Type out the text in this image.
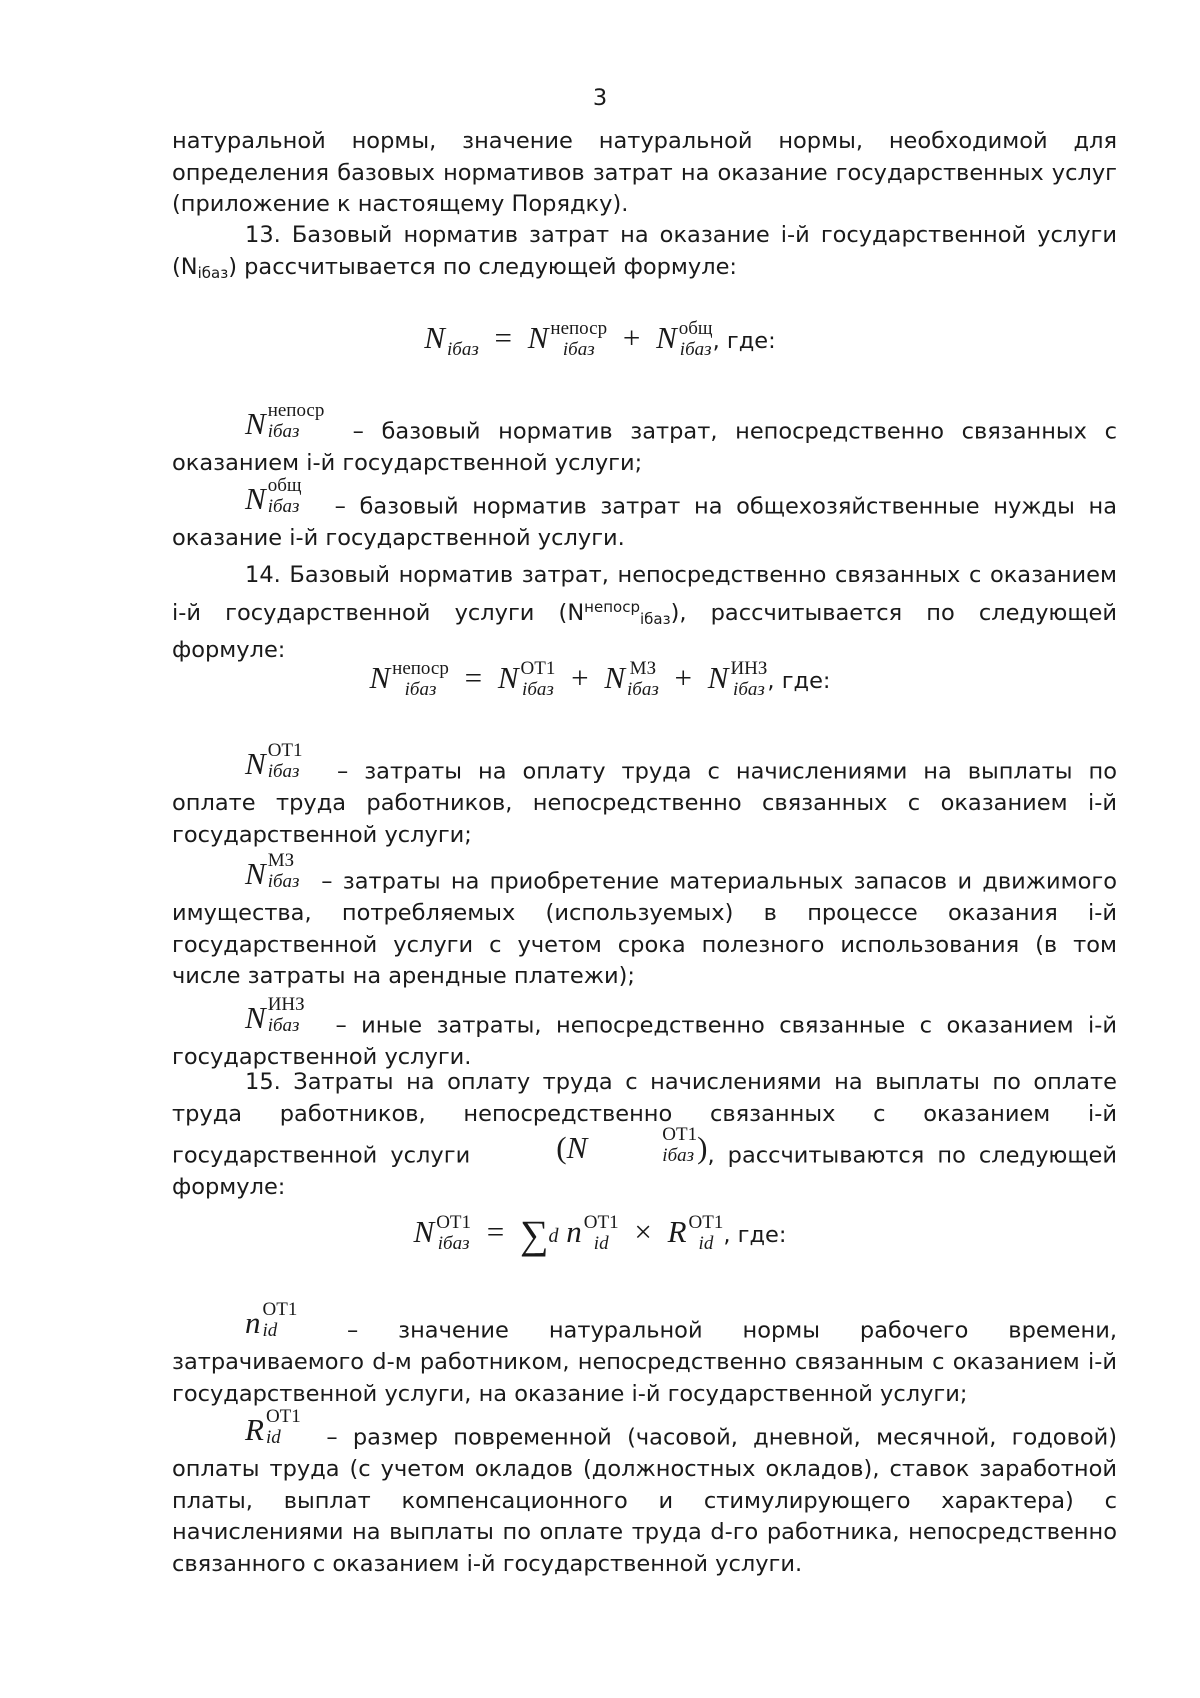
3

натуральной нормы, значение натуральной нормы, необходимой для определения базовых нормативов затрат на оказание государственных услуг (приложение к настоящему Порядку).

13. Базовый норматив затрат на оказание i-й государственной услуги (Niбаз) рассчитывается по следующей формуле:

N
iбаз = N непоср
iбаз + N общ
iбаз , где:

N непоср
iбаз	– базовый норматив затрат, непосредственно связанных с оказанием i-й государственной услуги;

N общ
iбаз – базовый норматив затрат на общехозяйственные нужды на оказание i-й государственной услуги.

14. Базовый норматив затрат, непосредственно связанных с оказанием i-й государственной услуги $(N^{непоср}iбаз)$, рассчитывается по следующей формуле:

N непоср
iбаз = N ОТ1
iбаз + N МЗ
iбаз + N ИНЗ
iбаз , где:

N ОТ1
iбаз – затраты на оплату труда с начислениями на выплаты по оплате труда работников, непосредственно связанных с оказанием i-й государственной услуги;

N МЗ
iбаз – затраты на приобретение материальных запасов и движимого имущества, потребляемых (используемых) в процессе оказания i-й государственной услуги с учетом срока полезного использования (в том числе затраты на арендные платежи);

N ИНЗ
iбаз – иные затраты, непосредственно связанные с оказанием i-й государственной услуги.

15. Затраты на оплату труда с начислениями на выплаты по оплате труда работников, непосредственно связанных с оказанием i-й государственной услуги	(N	ОТ1
iбаз ), рассчитываются по следующей формуле:

N ОТ1
iбаз = ∑d n ОТ1
id × R ОТ1
id , где:

n ОТ1
id	– значение натуральной нормы рабочего времени, затрачиваемого d-м работником, непосредственно связанным с оказанием i-й государственной услуги, на оказание i-й государственной услуги;

R ОТ1
id	– размер повременной (часовой, дневной, месячной, годовой) оплаты труда (с учетом окладов (должностных окладов), ставок заработной платы, выплат компенсационного и стимулирующего характера) с начислениями на выплаты по оплате труда d-го работника, непосредственно связанного с оказанием i-й государственной услуги.
